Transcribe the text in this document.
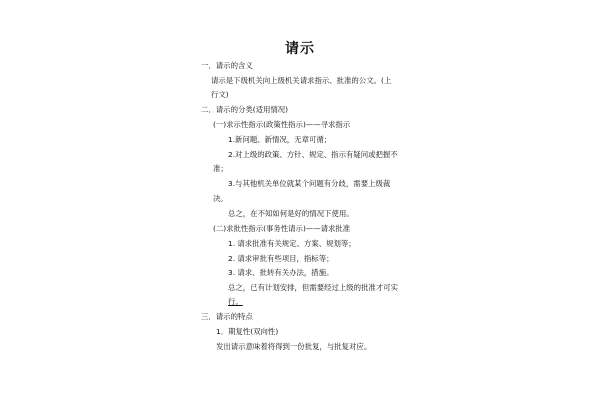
请示
一．请示的含义
请示是下级机关向上级机关请求指示、批准的公文。(上
行文)
二．请示的分类(适用情况)
(一)求示性指示(政策性指示)——寻求指示
1.新问题、新情况，无章可循；
2.对上级的政策、方针、规定、指示有疑问或把握不
准；
3.与其他机关单位就某个问题有分歧，需要上级裁
决。
总之，在不知如何是好的情况下使用。
(二)求批性指示(事务性请示)——请求批准
1. 请求批准有关规定、方案、规划等；
2. 请求审批有些项目，指标等；
3. 请求、批转有关办法，措施。
总之，已有计划安排，但需要经过上级的批准才可实
行。
三．请示的特点
1．期复性(双向性)
发出请示意味着将得到一份批复，与批复对应。
